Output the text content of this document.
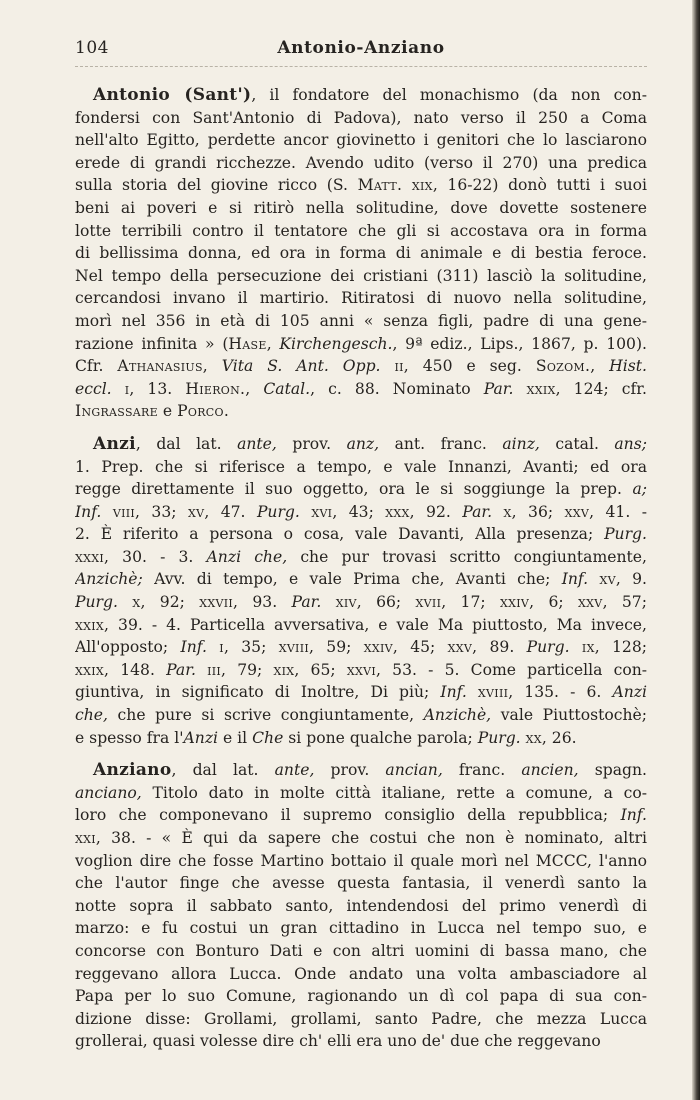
104	Antonio-Anziano
Antonio (Sant'), il fondatore del monachismo (da non con-
fondersi con Sant'Antonio di Padova), nato verso il 250 a Coma
nell'alto Egitto, perdette ancor giovinetto i genitori che lo lasciarono
erede di grandi ricchezze. Avendo udito (verso il 270) una predica
sulla storia del giovine ricco (S. Matt. xix, 16-22) donò tutti i suoi
beni ai poveri e si ritirò nella solitudine, dove dovette sostenere
lotte terribili contro il tentatore che gli si accostava ora in forma
di bellissima donna, ed ora in forma di animale e di bestia feroce.
Nel tempo della persecuzione dei cristiani (311) lasciò la solitudine,
cercandosi invano il martirio. Ritiratosi di nuovo nella solitudine,
morì nel 356 in età di 105 anni « senza figli, padre di una gene-
razione infinita » (Hase, Kirchengesch., 9ª ediz., Lips., 1867, p. 100).
Cfr. Athanasius, Vita S. Ant. Opp. ii, 450 e seg. Sozom., Hist.
eccl. i, 13. Hieron., Catal., c. 88. Nominato Par. xxix, 124; cfr.
Ingrassare e Porco.
Anzi, dal lat. ante, prov. anz, ant. franc. ainz, catal. ans;
1. Prep. che si riferisce a tempo, e vale Innanzi, Avanti; ed ora
regge direttamente il suo oggetto, ora le si soggiunge la prep. a;
Inf. viii, 33; xv, 47. Purg. xvi, 43; xxx, 92. Par. x, 36; xxv, 41. -
2. È riferito a persona o cosa, vale Davanti, Alla presenza; Purg.
xxxi, 30. - 3. Anzi che, che pur trovasi scritto congiuntamente,
Anzichè; Avv. di tempo, e vale Prima che, Avanti che; Inf. xv, 9.
Purg. x, 92; xxvii, 93. Par. xiv, 66; xvii, 17; xxiv, 6; xxv, 57;
xxix, 39. - 4. Particella avversativa, e vale Ma piuttosto, Ma invece,
All'opposto; Inf. i, 35; xviii, 59; xxiv, 45; xxv, 89. Purg. ix, 128;
xxix, 148. Par. iii, 79; xix, 65; xxvi, 53. - 5. Come particella con-
giuntiva, in significato di Inoltre, Di più; Inf. xviii, 135. - 6. Anzi
che, che pure si scrive congiuntamente, Anzichè, vale Piuttostochè;
e spesso fra l'Anzi e il Che si pone qualche parola; Purg. xx, 26.
Anziano, dal lat. ante, prov. ancian, franc. ancien, spagn.
anciano, Titolo dato in molte città italiane, rette a comune, a co-
loro che componevano il supremo consiglio della repubblica; Inf.
xxi, 38. - « È qui da sapere che costui che non è nominato, altri
voglion dire che fosse Martino bottaio il quale morì nel MCCC, l'anno
che l'autor finge che avesse questa fantasia, il venerdì santo la
notte sopra il sabbato santo, intendendosi del primo venerdì di
marzo: e fu costui un gran cittadino in Lucca nel tempo suo, e
concorse con Bonturo Dati e con altri uomini di bassa mano, che
reggevano allora Lucca. Onde andato una volta ambasciadore al
Papa per lo suo Comune, ragionando un dì col papa di sua con-
dizione disse: Grollami, grollami, santo Padre, che mezza Lucca
grollerai, quasi volesse dire ch' elli era uno de' due che reggevano
